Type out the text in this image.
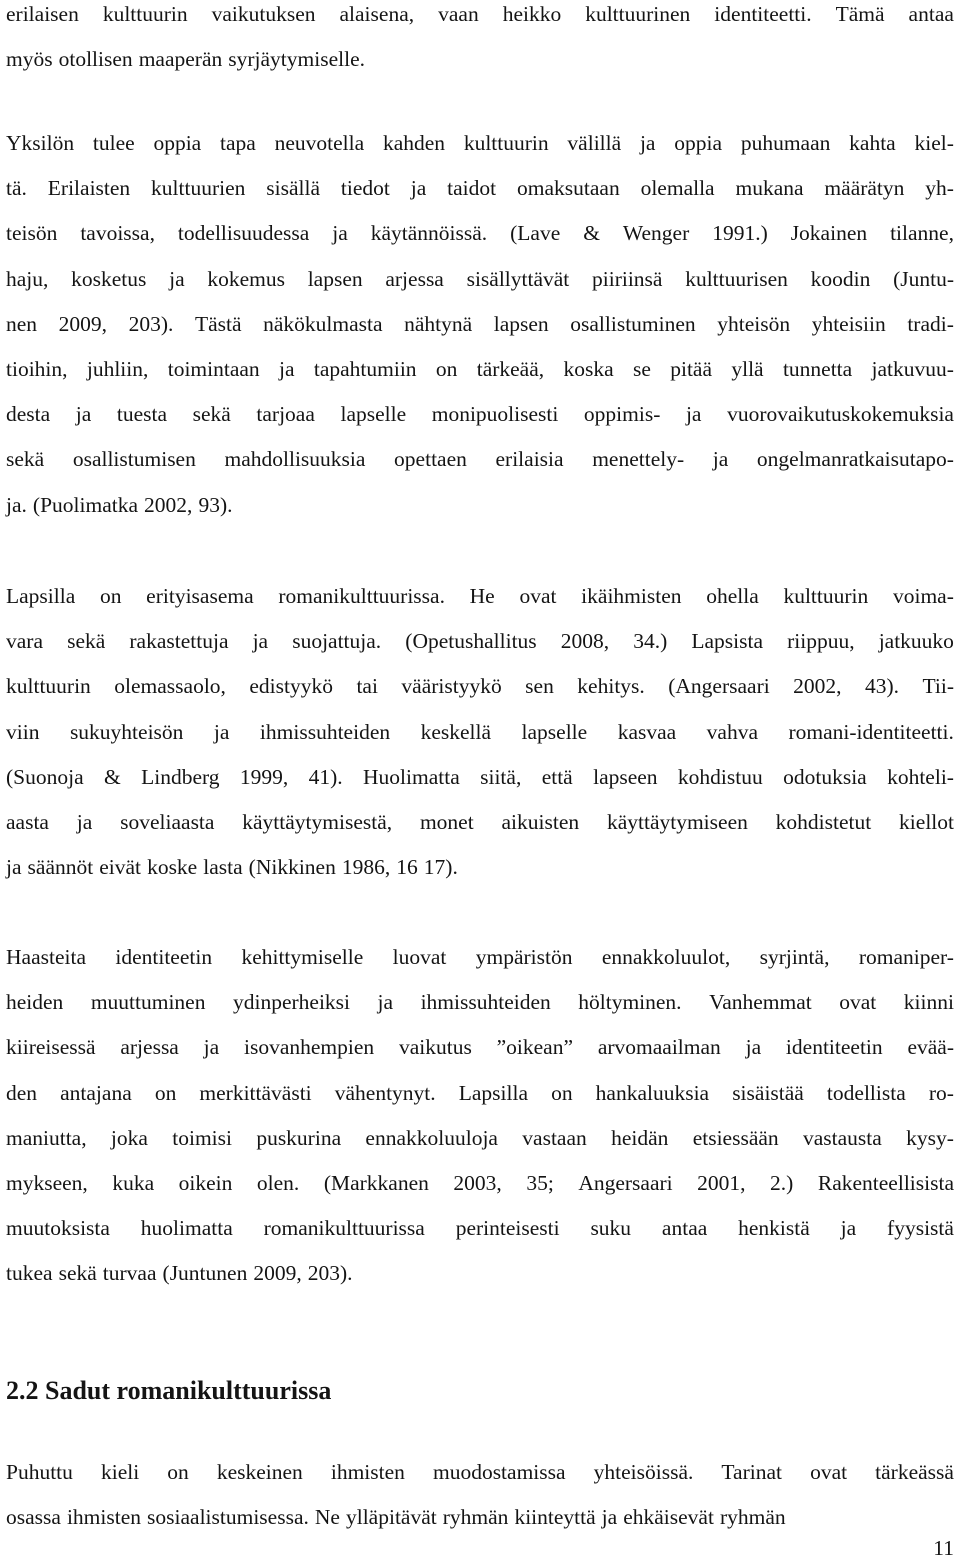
erilaisen kulttuurin vaikutuksen alaisena, vaan heikko kulttuurinen identiteetti. Tämä antaa
myös otollisen maaperän syrjäytymiselle.
Yksilön tulee oppia tapa neuvotella kahden kulttuurin välillä ja oppia puhumaan kahta kiel-
tä. Erilaisten kulttuurien sisällä tiedot ja taidot omaksutaan olemalla mukana määrätyn yh-
teisön tavoissa, todellisuudessa ja käytännöissä. (Lave & Wenger 1991.) Jokainen tilanne,
haju, kosketus ja kokemus lapsen arjessa sisällyttävät piiriinsä kulttuurisen koodin (Juntu-
nen 2009, 203). Tästä näkökulmasta nähtynä lapsen osallistuminen yhteisön yhteisiin tradi-
tioihin, juhliin, toimintaan ja tapahtumiin on tärkeää, koska se pitää yllä tunnetta jatkuvuu-
desta ja tuesta sekä tarjoaa lapselle monipuolisesti oppimis- ja vuorovaikutuskokemuksia
sekä osallistumisen mahdollisuuksia opettaen erilaisia menettely- ja ongelmanratkaisutapo-
ja. (Puolimatka 2002, 93).
Lapsilla on erityisasema romanikulttuurissa. He ovat ikäihmisten ohella kulttuurin voima-
vara sekä rakastettuja ja suojattuja. (Opetushallitus 2008, 34.) Lapsista riippuu, jatkuuko
kulttuurin olemassaolo, edistyykö tai vääristyykö sen kehitys. (Angersaari 2002, 43). Tii-
viin sukuyhteisön ja ihmissuhteiden keskellä lapselle kasvaa vahva romani-identiteetti.
(Suonoja & Lindberg 1999, 41). Huolimatta siitä, että lapseen kohdistuu odotuksia kohteli-
aasta ja soveliaasta käyttäytymisestä, monet aikuisten käyttäytymiseen kohdistetut kiellot
ja säännöt eivät koske lasta (Nikkinen 1986, 16 17).
Haasteita identiteetin kehittymiselle luovat ympäristön ennakkoluulot, syrjintä, romaniper-
heiden muuttuminen ydinperheiksi ja ihmissuhteiden höltyminen. Vanhemmat ovat kiinni
kiireisessä arjessa ja isovanhempien vaikutus ”oikean” arvomaailman ja identiteetin evää-
den antajana on merkittävästi vähentynyt. Lapsilla on hankaluuksia sisäistää todellista ro-
maniutta, joka toimisi puskurina ennakkoluuloja vastaan heidän etsiessään vastausta kysy-
mykseen, kuka oikein olen. (Markkanen 2003, 35; Angersaari 2001, 2.) Rakenteellisista
muutoksista huolimatta romanikulttuurissa perinteisesti suku antaa henkistä ja fyysistä
tukea sekä turvaa (Juntunen 2009, 203).
Puhuttu kieli on keskeinen ihmisten muodostamissa yhteisöissä. Tarinat ovat tärkeässä
osassa ihmisten sosiaalistumisessa. Ne ylläpitävät ryhmän kiinteyttä ja ehkäisevät ryhmän
2.2 Sadut romanikulttuurissa
11
